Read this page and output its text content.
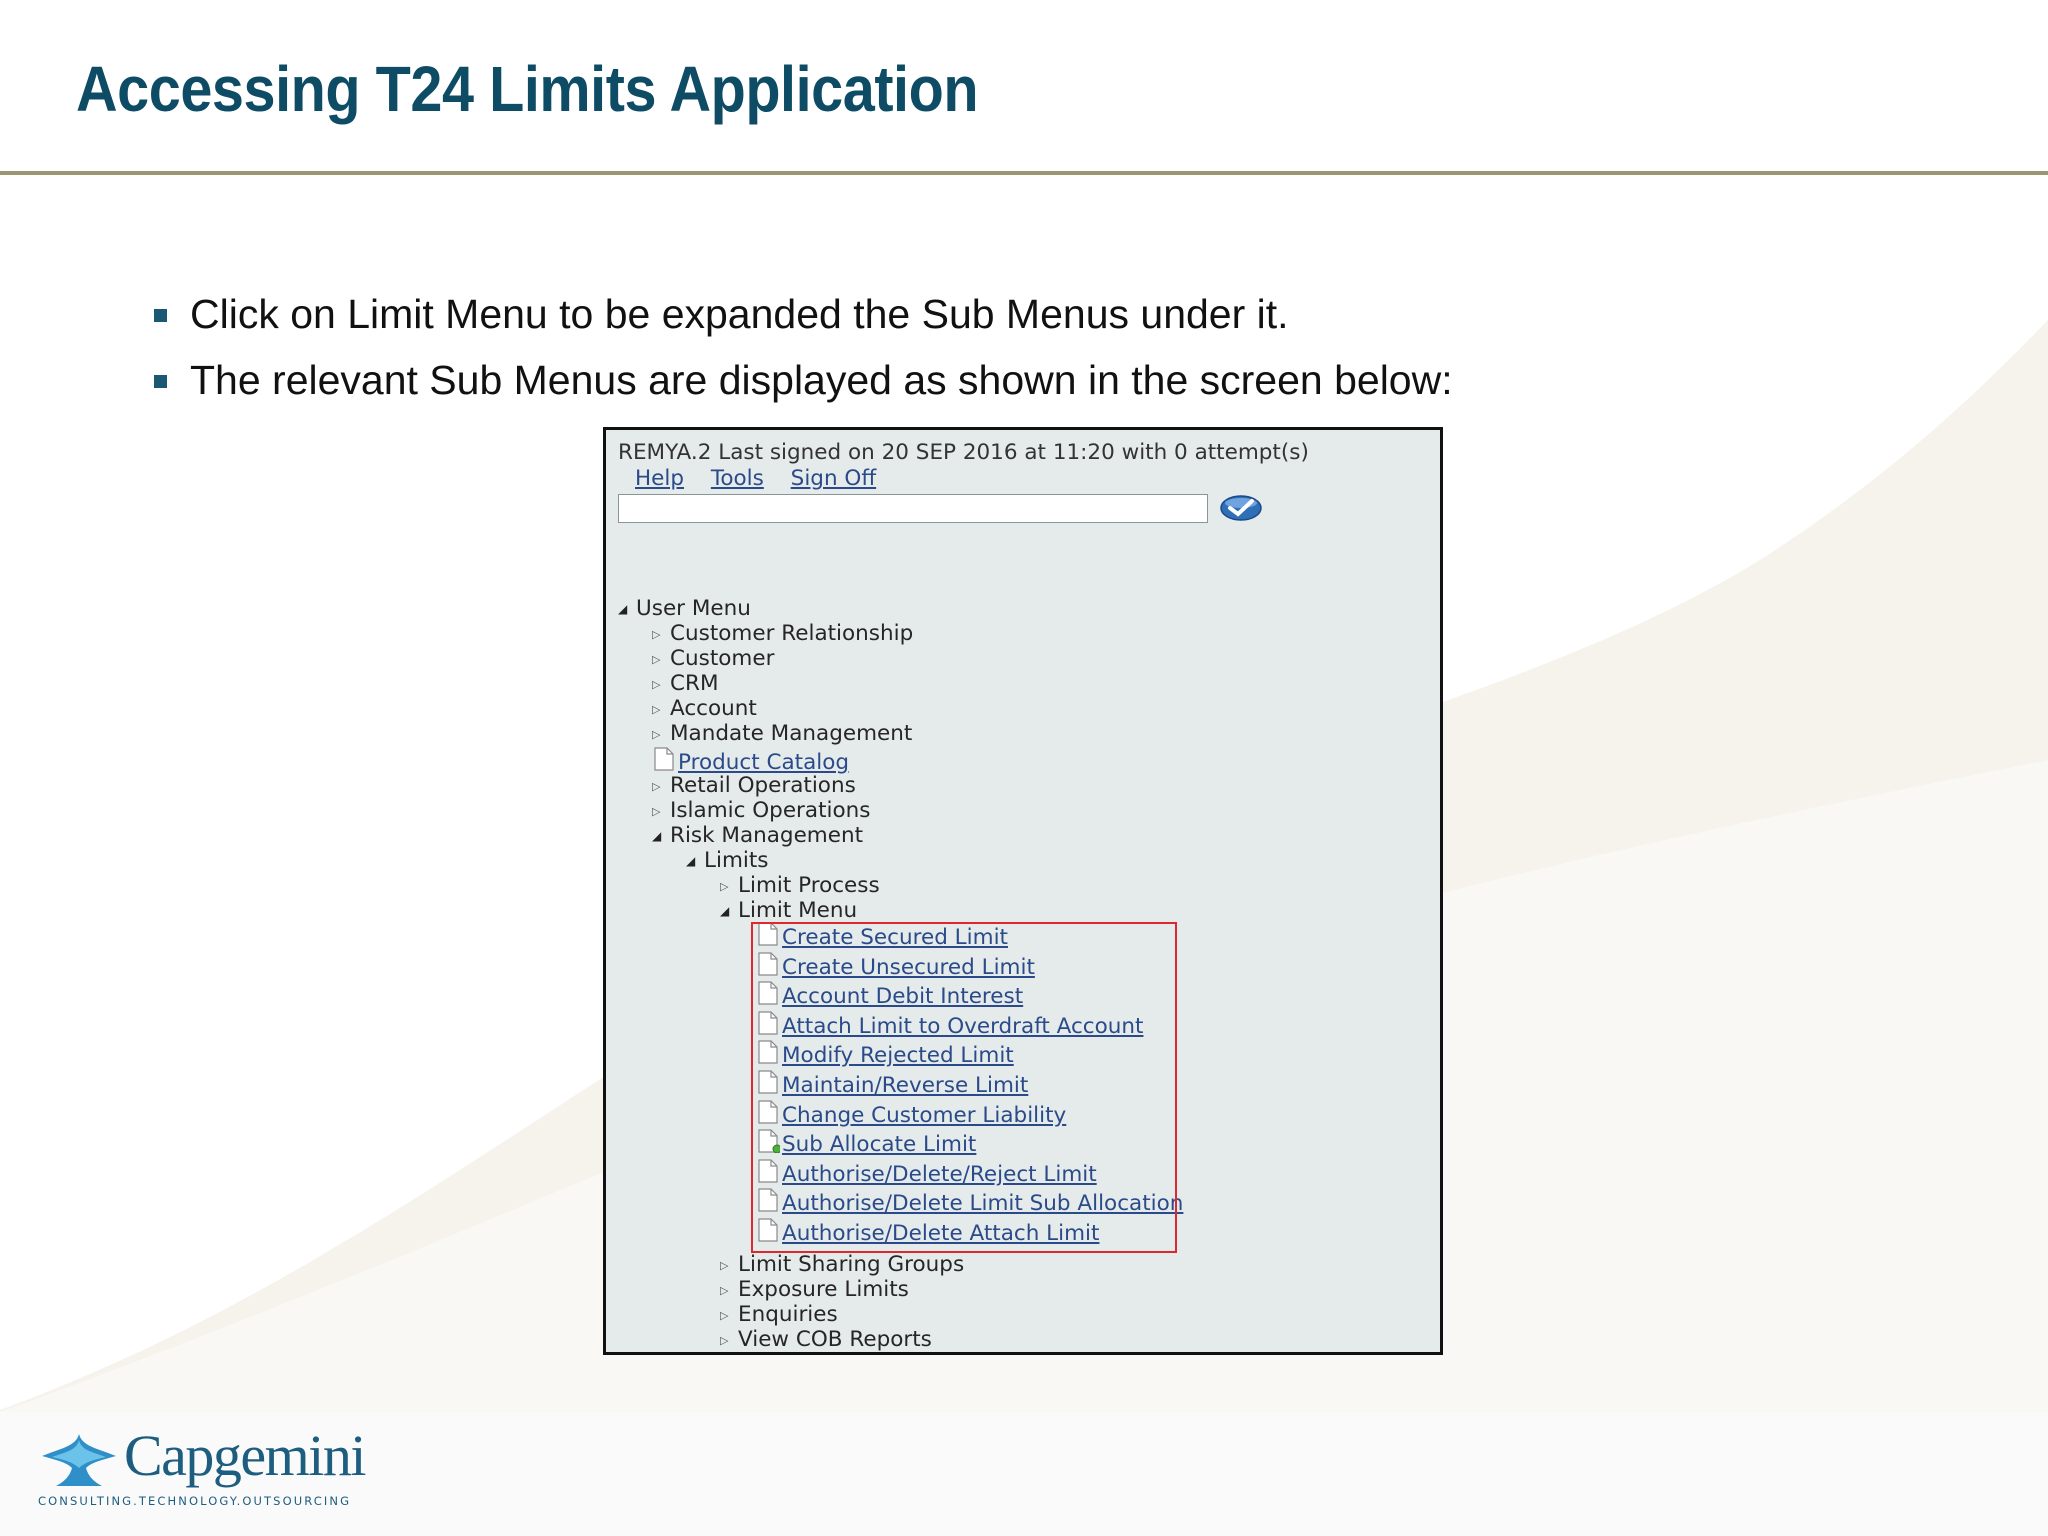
Accessing T24 Limits Application
Click on Limit Menu to be expanded the Sub Menus under it.
The relevant Sub Menus are displayed as shown in the screen below:
REMYA.2 Last signed on 20 SEP 2016 at 11:20 with 0 attempt(s)
Help Tools Sign Off
◢ User Menu
▷ Customer Relationship
▷ Customer
▷ CRM
▷ Account
▷ Mandate Management
Product Catalog
▷ Retail Operations
▷ Islamic Operations
◢ Risk Management
◢ Limits
▷ Limit Process
◢ Limit Menu
Create Secured Limit
Create Unsecured Limit
Account Debit Interest
Attach Limit to Overdraft Account
Modify Rejected Limit
Maintain/Reverse Limit
Change Customer Liability
Sub Allocate Limit
Authorise/Delete/Reject Limit
Authorise/Delete Limit Sub Allocation
Authorise/Delete Attach Limit
▷ Limit Sharing Groups
▷ Exposure Limits
▷ Enquiries
▷ View COB Reports
Capgemini
CONSULTING.TECHNOLOGY.OUTSOURCING
